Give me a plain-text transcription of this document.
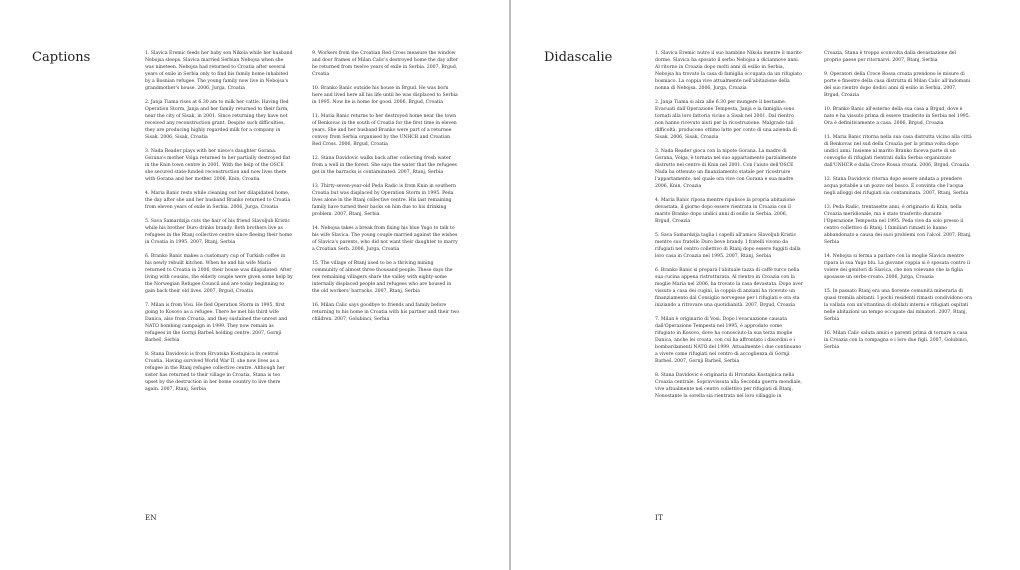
Captions	1. Slavica Eremic feeds her baby son Nikola while her husband Nebojsa sleeps. Slavica married Serbian Nebojsa when she was nineteen. Nebojsa had returned to Croatia after several years of exile in Serbia only to find his family home inhabited by a Bosnian refugee. The young family now live in Nebojsa's grandmother's house. 2006, Jurga, Croatia

2. Janja Tiama rises at 6.30 am to milk her cattle. Having fled Operation Storm, Janja and her family returned to their farm, near the city of Sisak, in 2001. Since returning they have not received any reconstruction grant. Despite such difficulties, they are producing highly regarded milk for a company in Sisak. 2006, Sisak, Croatia

3. Nada Reader plays with her niece's daughter Gorana. Gorana's mother Volga returned to her partially destroyed flat in the Knin town centre in 2001. With the help of the OSCE she secured state-funded reconstruction and now lives there with Gorana and her mother. 2006, Knin, Croatia

4. Maria Banic rests while cleaning out her dilapidated home, the day after she and her husband Branko returned to Croatia from eleven years of exile in Serbia. 2006, Jurga, Croatia

5. Sava Samardzija cuts the hair of his friend Slavoljub Kristic while his brother Duro drinks brandy. Both brothers live as refugees in the Rtanj collective centre since fleeing their home in Croatia in 1995. 2007, Rtanj, Serbia

6. Branko Banic makes a customary cup of Turkish coffee in his newly rebuilt kitchen. When he and his wife Maria returned to Croatia in 2006, their house was dilapidated. After living with cousins, the elderly couple were given some help by the Norwegian Refugee Council and are today beginning to gain back their old lives. 2007, Brgud, Croatia

7. Milan is from Vosi. He fled Operation Storm in 1995, first going to Kosovo as a refugee. There he met his third wife Danica, also from Croatia, and they sustained the unrest and NATO bombing campaign in 1999. They now remain as refugees in the Gornji Barbeš holding centre. 2007, Gornji Barbeš, Serbia

8. Stana Davidovic is from Hrvatska Kostajnica in central Croatia. Having survived World War II, she now lives as a refugee in the Rtanj refugee collective centre. Although her sister has returned to their village in Croatia, Stana is too upset by the destruction in her home country to live there again. 2007, Rtanj, Serbia

9. Workers from the Croatian Red Cross measure the window and door frames of Milan Calic's destroyed home the day after he returned from twelve years of exile in Serbia. 2007, Brgud, Croatia

10. Branko Banic outside his house in Brgud. He was born here and lived here all his life until he was displaced to Serbia in 1995. Now he is home for good. 2006, Brgud, Croatia

11. Maria Banic returns to her destroyed home near the town of Benkovac in the south of Croatia for the first time in eleven years. She and her husband Branko were part of a returnee convoy from Serbia organised by the UNHCR and Croatian Red Cross. 2006, Brgud, Croatia

12. Stana Davidovic walks back after collecting fresh water from a well in the forest. She says the water that the refugees get in the barracks is contaminated. 2007, Rtanj, Serbia

13. Thirty-seven-year-old Peda Radic is from Knin in southern Croatia but was displaced by Operation Storm in 1995. Peda lives alone in the Rtanj collective centre. His last remaining family have turned their backs on him due to his drinking problem. 2007, Rtanj, Serbia

14. Nebojsa takes a break from fixing his blue Yugo to talk to his wife Slavica. The young couple married against the wishes of Slavica's parents, who did not want their daughter to marry a Croatian Serb. 2006, Jurga, Croatia

15. The village of Rtanj used to be a thriving mining community of almost three thousand people. These days the few remaining villagers share the valley with eighty-some internally displaced people and refugees who are housed in the old workers' barracks. 2007, Rtanj, Serbia

16. Milan Calic says goodbye to friends and family before returning to his home in Croatia with his partner and their two children. 2007, Golubinci, Serbia

EN
Didascalie	1. Slavica Eremic nutre il suo bambino Nikola mentre il marito dorme. Slavica ha sposato il serbo Nebojsa a diciannove anni. Al ritorno in Croazia dopo molti anni di esilio in Serbia, Nebojsa ha trovato la casa di famiglia occupata da un rifugiato bosniaco. La coppia vive attualmente nell'abitazione della nonna di Nebojsa. 2006, Jurga, Croazia

2. Janja Tiama si alza alle 6.30 per mungere il bestiame. Evacuati dall'Operazione Tempesta, Janja e la famiglia sono tornati alla loro fattoria vicino a Sisak nel 2001. Dal rientro non hanno ricevuto aiuti per la ricostruzione. Malgrado tali difficoltà, producono ottimo latte per conto di una azienda di Sisak. 2006, Sisak, Croazia

3. Nada Reader gioca con la nipote Gorana. La madre di Gorana, Volga, è tornata nel suo appartamento parzialmente distrutto nel centro di Knin nel 2001. Con l'aiuto dell'OSCE Nada ha ottenuto un finanziamento statale per ricostruire l'appartamento, nel quale ora vive con Gorana e sua madre. 2006, Knin, Croazia

4. Maria Banic riposa mentre ripulisce la propria abitazione devastata, il giorno dopo essere rientrata in Croazia con il marito Branko dopo undici anni di esilio in Serbia. 2006, Brgud, Croazia

5. Sava Samardzija taglia i capelli all'amico Slavoljub Kristic mentre suo fratello Duro beve brandy. I fratelli vivono da rifugiati nel centro collettivo di Rtanj dopo essere fuggiti dalla loro casa in Croazia nel 1995. 2007, Rtanj, Serbia

6. Branko Banic si prepara l'abituale tazza di caffè turco nella sua cucina appena ristrutturata. Al rientro in Croazia con la moglie Maria nel 2006, ha trovato la casa devastata. Dopo aver vissuto a casa dei cugini, la coppia di anziani ha ricevuto un finanziamento dal Consiglio norvegese per i rifugiati e ora sta iniziando a ritrovare una quotidianità. 2007, Brgud, Croazia

7. Milan è originario di Vosi. Dopo l'evacuazione causata dall'Operazione Tempesta nel 1995, è approdato come rifugiato in Kosovo, dove ha conosciuto la sua terza moglie Danica, anche lei croata, con cui ha affrontato i disordini e i bombardamenti NATO del 1999. Attualmente i due continuano a vivere come rifugiati nel centro di accoglienza di Gornji Barbeš. 2007, Gornji Barbeš, Serbia

8. Stana Davidovic è originaria di Hrvatska Kostajnica nella Croazia centrale. Sopravvissuta alla Seconda guerra mondiale, vive attualmente nel centro collettivo per rifugiati di Rtanj. Nonostante la sorella sia rientrata nel loro villaggio in

Croazia, Stana è troppo sconvolta dalla devastazione del proprio paese per ritornarvi. 2007, Rtanj, Serbia

9. Operatori della Croce Rossa croata prendono le misure di porte e finestre della casa distrutta di Milan Calic all'indomani del suo rientro dopo dodici anni di esilio in Serbia. 2007, Brgud, Croazia

10. Branko Banic all'esterno della sua casa a Brgud, dove è nato e ha vissuto prima di essere trasferito in Serbia nel 1995. Ora è definitivamente a casa. 2006, Brgud, Croazia

11. Maria Banic ritorna nella sua casa distrutta vicino alla città di Benkovac nel sud della Croazia per la prima volta dopo undici anni. Insieme al marito Branko faceva parte di un convoglio di rifugiati rientrati dalla Serbia organizzato dall'UNHCR e dalla Croce Rossa croata. 2006, Brgud, Croazia

12. Stana Davidovic ritorna dopo essere andata a prendere acqua potabile a un pozzo nel bosco. È convinta che l'acqua negli alloggi dei rifugiati sia contaminata. 2007, Rtanj, Serbia

13. Peda Radic, trentasette anni, è originario di Knin, nella Croazia meridionale, ma è stato trasferito durante l'Operazione Tempesta nel 1995. Peda vive da solo presso il centro collettivo di Rtanj. I familiari rimasti lo hanno abbandonato a causa dei suoi problemi con l'alcol. 2007, Rtanj, Serbia

14. Nebojsa si ferma a parlare con la moglie Slavica mentre ripara la sua Yugo blu. La giovane coppia si è sposata contro il volere dei genitori di Slavica, che non volevano che la figlia sposasse un serbo-croato. 2006, Jurga, Croazia

15. In passato Rtanj era una fiorente comunità mineraria di quasi tremila abitanti. I pochi residenti rimasti condividono ora la vallata con un'ottantina di sfollati interni e rifugiati ospitati nelle abitazioni un tempo occupate dai minatori. 2007, Rtanj, Serbia

16. Milan Calic saluta amici e parenti prima di tornare a casa in Croazia con la compagna e i loro due figli. 2007, Golubinci, Serbia

IT
